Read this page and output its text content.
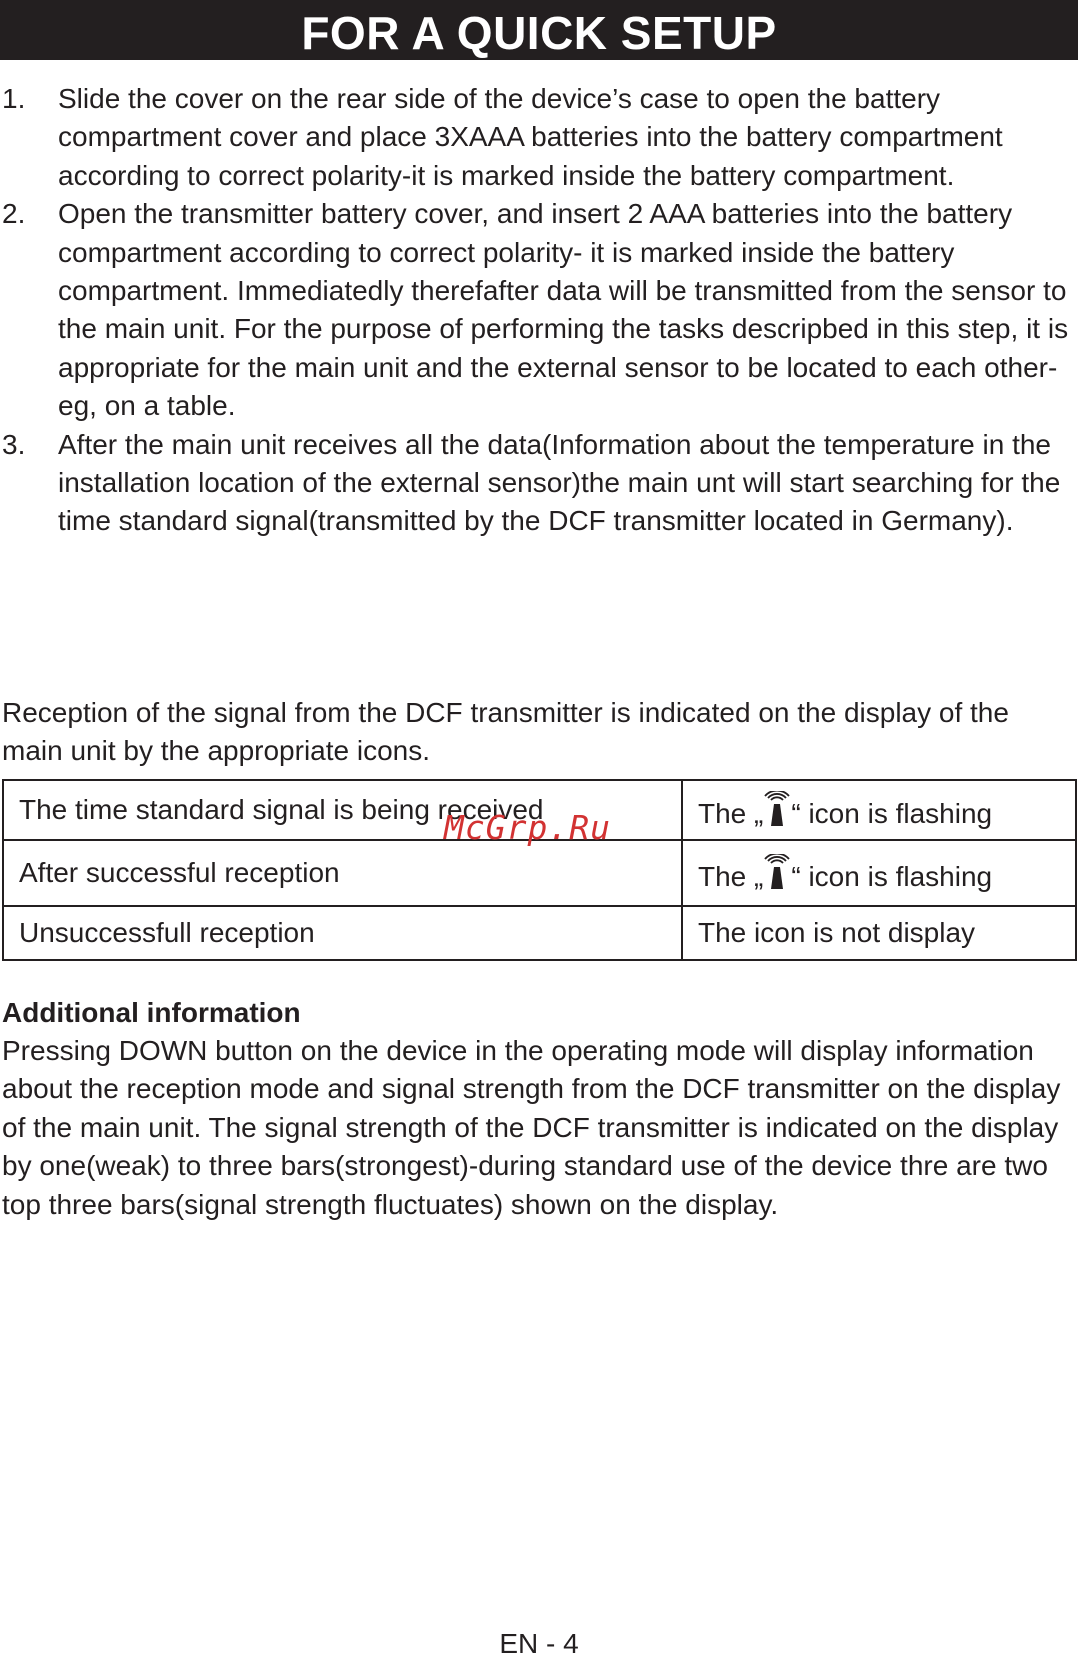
FOR A QUICK SETUP
1. Slide the cover on the rear side of the device’s case to open the battery compartment cover and place 3XAAA batteries into the battery compartment according to correct polarity-it is marked inside the battery compartment.
2. Open the transmitter battery cover, and insert 2 AAA batteries into the battery compartment according to correct polarity- it is marked inside the battery compartment. Immediatedly therefafter data will be transmitted from the sensor to the main unit. For the purpose of performing the tasks descripbed in this step, it is appropriate for the main unit and the external sensor to be located to each other- eg, on a table.
3. After the main unit receives all the data(Information about the temperature in the installation location of the external sensor)the main unt will start searching for the time standard signal(transmitted by the DCF transmitter located in Germany).

Reception of the signal from the DCF transmitter is indicated on the display of the main unit by the appropriate icons.

The time standard signal is being received	The „ “ icon is flashing
After successful reception	The „ “ icon is flashing
Unsuccessfull reception	The icon is not display
McGrp.Ru
Additional information

Pressing DOWN button on the device in the operating mode will display information about the reception mode and signal strength from the DCF transmitter on the display of the main unit. The signal strength of the DCF transmitter is indicated on the display by one(weak) to three bars(strongest)-during standard use of the device thre are two top three bars(signal strength fluctuates) shown on the display.

EN - 4
